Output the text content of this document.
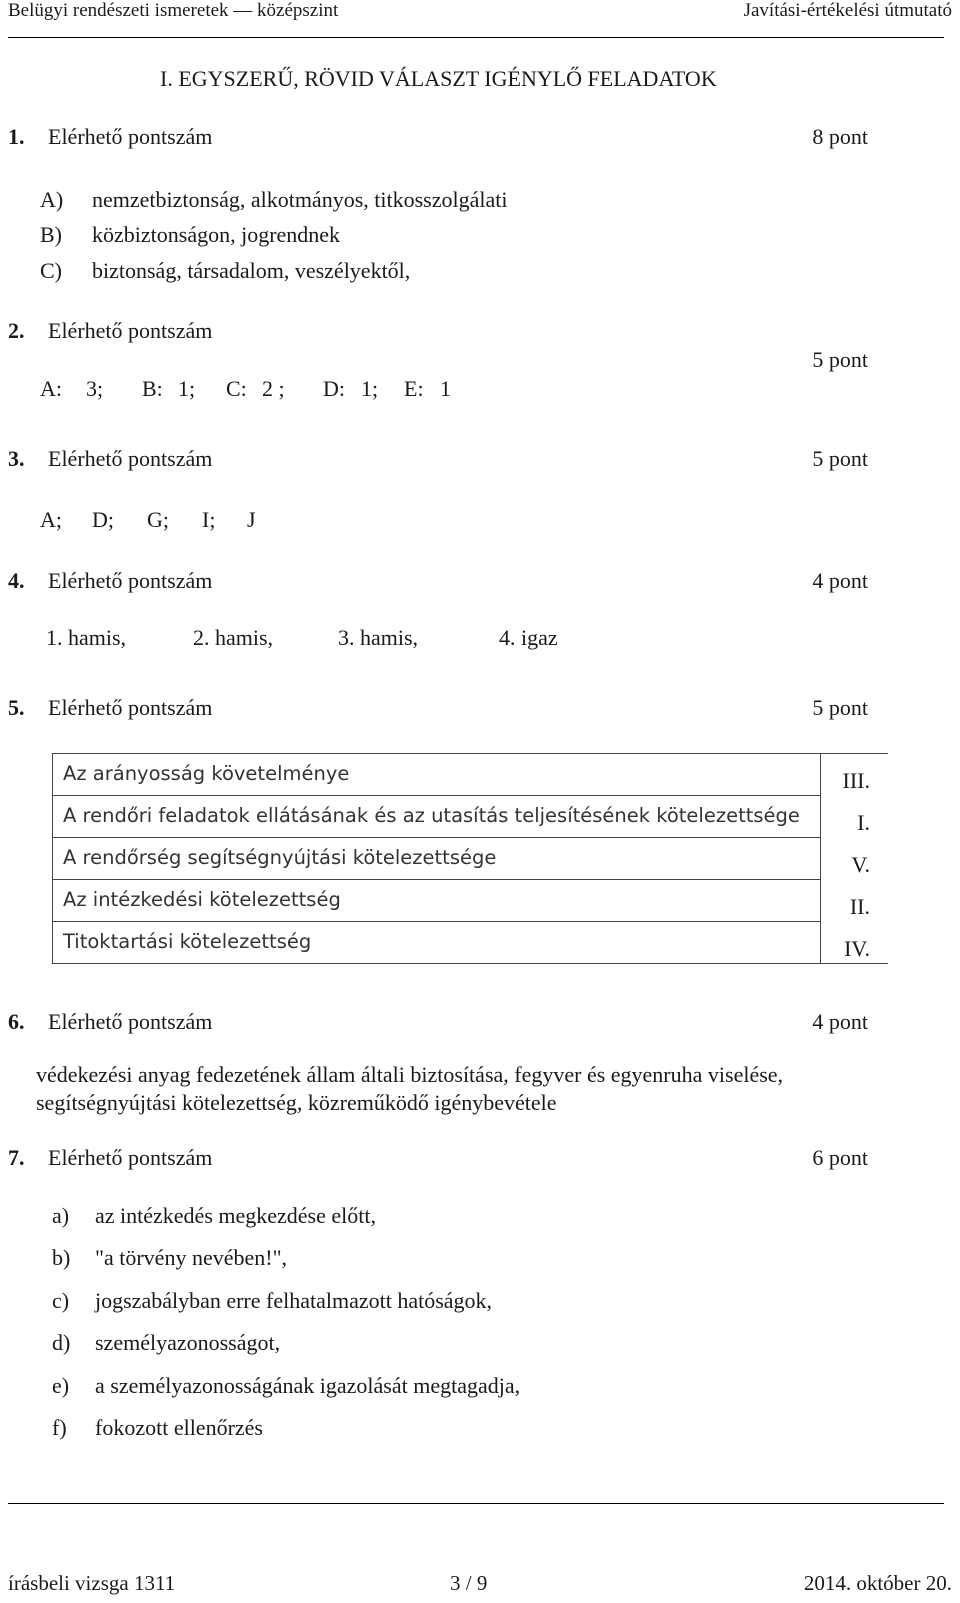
Belügyi rendészeti ismeretek — középszint	Javítási-értékelési útmutató
I. EGYSZERŰ, RÖVID VÁLASZT IGÉNYLŐ FELADATOK
1. Elérhető pontszám	8 pont
A) nemzetbiztonság, alkotmányos, titkosszolgálati
B) közbiztonságon, jogrendnek
C) biztonság, társadalom, veszélyektől,
2. Elérhető pontszám
5 pont
A: 3; B: 1; C: 2 ; D: 1; E: 1
3. Elérhető pontszám	5 pont
A; D; G; I; J
4. Elérhető pontszám	4 pont
1. hamis,	2. hamis,	3. hamis,	4. igaz
5. Elérhető pontszám	5 pont
Az arányosság követelménye	III.
A rendőri feladatok ellátásának és az utasítás teljesítésének kötelezettsége	I.
A rendőrség segítségnyújtási kötelezettsége	V.
Az intézkedési kötelezettség	II.
Titoktartási kötelezettség	IV.
6. Elérhető pontszám	4 pont
védekezési anyag fedezetének állam általi biztosítása, fegyver és egyenruha viselése,
segítségnyújtási kötelezettség, közreműködő igénybevétele
7. Elérhető pontszám	6 pont
a) az intézkedés megkezdése előtt,
b) "a törvény nevében!",
c) jogszabályban erre felhatalmazott hatóságok,
d) személyazonosságot,
e) a személyazonosságának igazolását megtagadja,
f) fokozott ellenőrzés
írásbeli vizsga 1311	3 / 9	2014. október 20.
